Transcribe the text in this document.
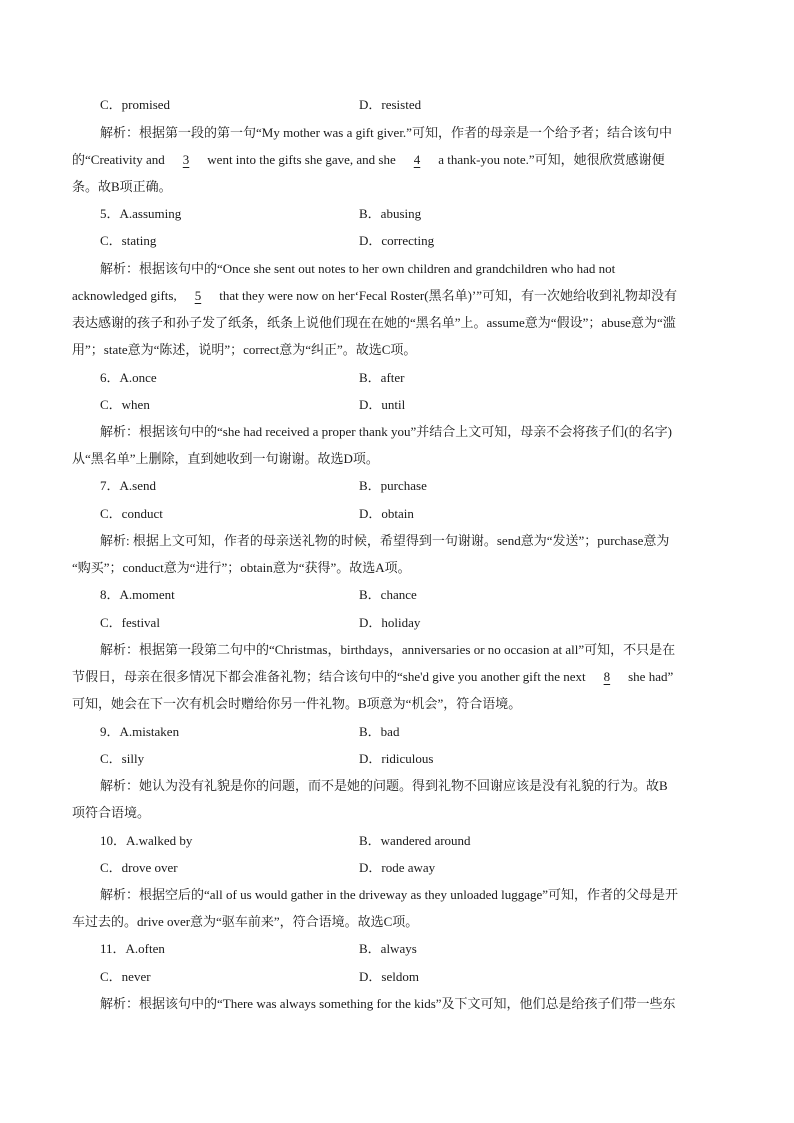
C．promised	D．resisted
解析：根据第一段的第一句“My mother was a gift giver.”可知，作者的母亲是一个给予者；结合该句中
的“Creativity and 3 went into the gifts she gave, and she 4 a thank-you note.”可知，她很欣赏感谢便
条。故B项正确。
5．A.assuming	B．abusing
C．stating	D．correcting
解析：根据该句中的“Once she sent out notes to her own children and grandchildren who had not
acknowledged gifts, 5 that they were now on her‘Fecal Roster(黑名单)’”可知，有一次她给收到礼物却没有
表达感谢的孩子和孙子发了纸条，纸条上说他们现在在她的“黑名单”上。assume意为“假设”；abuse意为“滥
用”；state意为“陈述，说明”；correct意为“纠正”。故选C项。
6．A.once	B．after
C．when	D．until
解析：根据该句中的“she had received a proper thank you”并结合上文可知，母亲不会将孩子们(的名字)
从“黑名单”上删除，直到她收到一句谢谢。故选D项。
7．A.send	B．purchase
C．conduct	D．obtain
解析: 根据上文可知，作者的母亲送礼物的时候，希望得到一句谢谢。send意为“发送”；purchase意为
“购买”；conduct意为“进行”；obtain意为“获得”。故选A项。
8．A.moment	B．chance
C．festival	D．holiday
解析：根据第一段第二句中的“Christmas，birthdays，anniversaries or no occasion at all”可知，不只是在
节假日，母亲在很多情况下都会准备礼物；结合该句中的“she'd give you another gift the next 8 she had”
可知，她会在下一次有机会时赠给你另一件礼物。B项意为“机会”，符合语境。
9．A.mistaken	B．bad
C．silly	D．ridiculous
解析：她认为没有礼貌是你的问题，而不是她的问题。得到礼物不回谢应该是没有礼貌的行为。故B
项符合语境。
10．A.walked by	B．wandered around
C．drove over	D．rode away
解析：根据空后的“all of us would gather in the driveway as they unloaded luggage”可知，作者的父母是开
车过去的。drive over意为“驱车前来”，符合语境。故选C项。
11．A.often	B．always
C．never	D．seldom
解析：根据该句中的“There was always something for the kids”及下文可知，他们总是给孩子们带一些东
